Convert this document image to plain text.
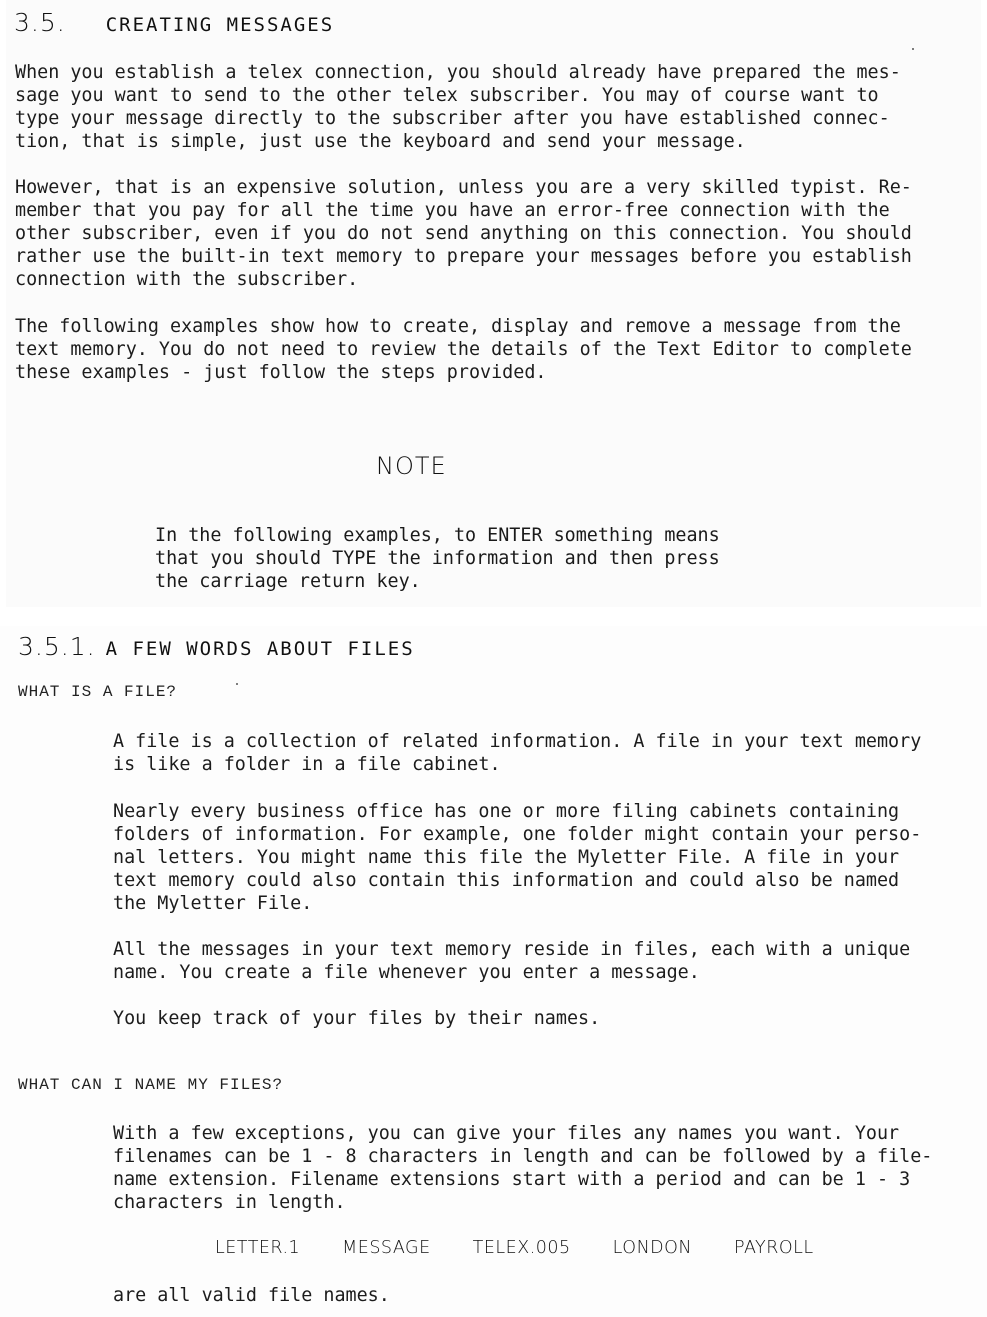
3.5. CREATING MESSAGES
When you establish a telex connection, you should already have prepared the mes-
sage you want to send to the other telex subscriber. You may of course want to
type your message directly to the subscriber after you have established connec-
tion, that is simple, just use the keyboard and send your message.
However, that is an expensive solution, unless you are a very skilled typist. Re-
member that you pay for all the time you have an error-free connection with the
other subscriber, even if you do not send anything on this connection. You should
rather use the built-in text memory to prepare your messages before you establish
connection with the subscriber.
The following examples show how to create, display and remove a message from the
text memory. You do not need to review the details of the Text Editor to complete
these examples - just follow the steps provided.
NOTE
In the following examples, to ENTER something means
that you should TYPE the information and then press
the carriage return key.
3.5.1. A FEW WORDS ABOUT FILES
WHAT IS A FILE?
A file is a collection of related information. A file in your text memory
is like a folder in a file cabinet.
Nearly every business office has one or more filing cabinets containing
folders of information. For example, one folder might contain your perso-
nal letters. You might name this file the Myletter File. A file in your
text memory could also contain this information and could also be named
the Myletter File.
All the messages in your text memory reside in files, each with a unique
name. You create a file whenever you enter a message.
You keep track of your files by their names.
WHAT CAN I NAME MY FILES?
With a few exceptions, you can give your files any names you want. Your
filenames can be 1 - 8 characters in length and can be followed by a file-
name extension. Filename extensions start with a period and can be 1 - 3
characters in length.
LETTER.1 MESSAGE TELEX.005 LONDON PAYROLL
are all valid file names.
